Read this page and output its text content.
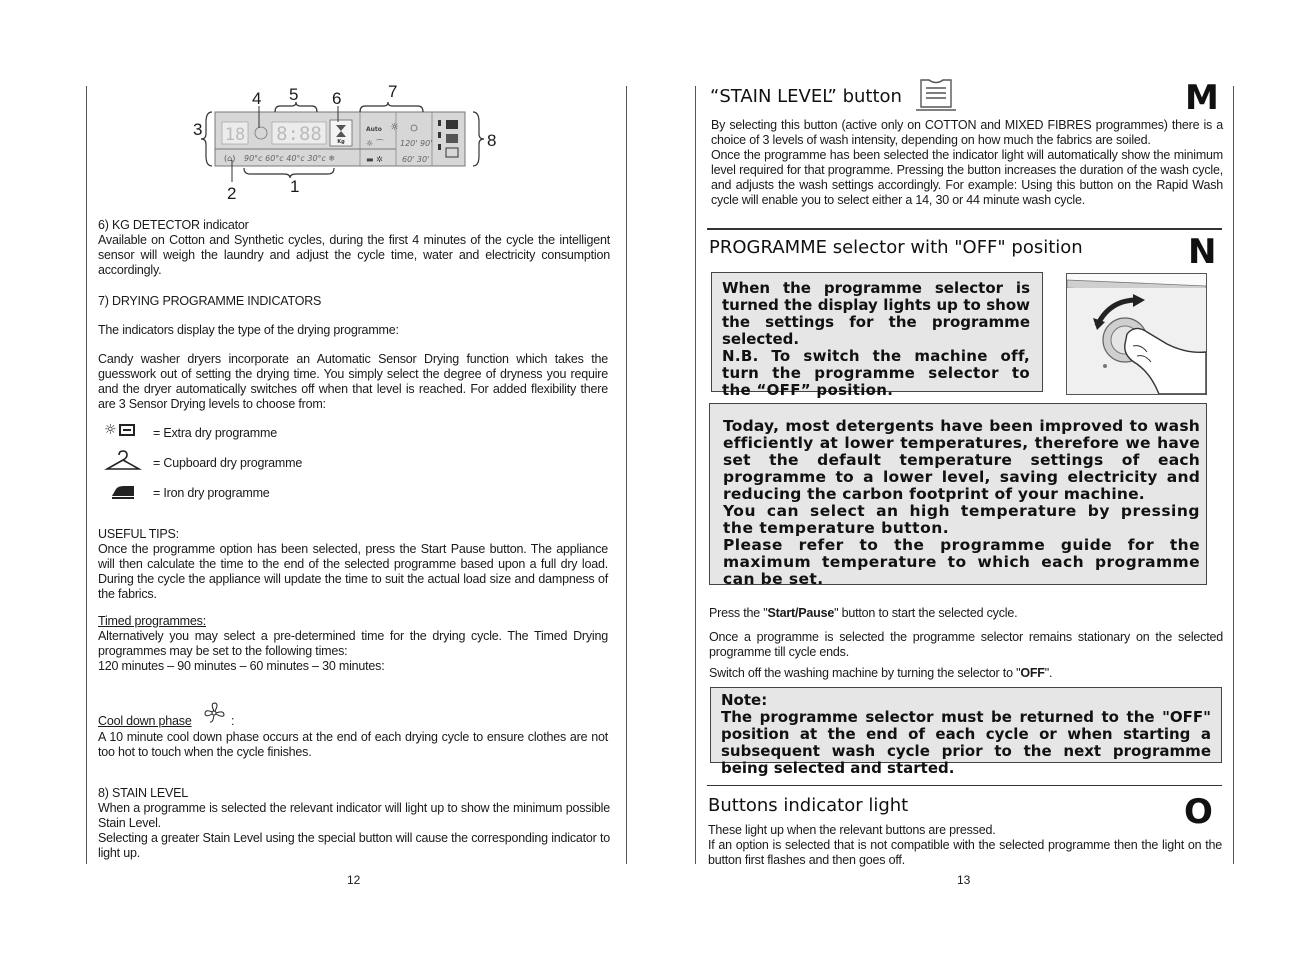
18 8:88	Kg
(⌂) 90°c 60°c 40°c 30°c ❄
Auto ☼
☼ ⌒
▬ ✲
120' 90'
60' 30'
1
2
3
4 5 6	7
8

6) KG DETECTOR indicator

Available on Cotton and Synthetic cycles, during the first 4 minutes of the cycle the intelligent sensor will weigh the laundry and adjust the cycle time, water and electricity consumption accordingly.

7) DRYING PROGRAMME INDICATORS
The indicators display the type of the drying programme:
Candy washer dryers incorporate an Automatic Sensor Drying function which takes the guesswork out of setting the drying time. You simply select the degree of dryness you require and the dryer automatically switches off when that level is reached. For added flexibility there are 3 Sensor Drying levels to choose from:
☼	= Extra dry programme
= Cupboard dry programme
= Iron dry programme

USEFUL TIPS:

Once the programme option has been selected, press the Start Pause button. The appliance will then calculate the time to the end of the selected programme based upon a full dry load. During the cycle the appliance will update the time to suit the actual load size and dampness of the fabrics.

Timed programmes:

Alternatively you may select a pre-determined time for the drying cycle. The Timed Drying programmes may be set to the following times:

120 minutes – 90 minutes – 60 minutes – 30 minutes:

Cool down phase	:
A 10 minute cool down phase occurs at the end of each drying cycle to ensure clothes are not too hot to touch when the cycle finishes.

8) STAIN LEVEL

When a programme is selected the relevant indicator will light up to show the minimum possible Stain Level.

Selecting a greater Stain Level using the special button will cause the corresponding indicator to light up.

12
“STAIN LEVEL” button	M

By selecting this button (active only on COTTON and MIXED FIBRES programmes) there is a choice of 3 levels of wash intensity, depending on how much the fabrics are soiled.

Once the programme has been selected the indicator light will automatically show the minimum level required for that programme. Pressing the button increases the duration of the wash cycle, and adjusts the wash settings accordingly. For example: Using this button on the Rapid Wash cycle will enable you to select either a 14, 30 or 44 minute wash cycle.

PROGRAMME selector with "OFF" position	N

When the programme selector is turned the display lights up to show the settings for the programme selected.

N.B. To switch the machine off, turn the programme selector to the “OFF” position.

Today, most detergents have been improved to wash efficiently at lower temperatures, therefore we have set the default temperature settings of each programme to a lower level, saving electricity and reducing the carbon footprint of your machine.

You can select an high temperature by pressing the temperature button.

Please refer to the programme guide for the maximum temperature to which each programme can be set.

Press the "Start/Pause" button to start the selected cycle.
Once a programme is selected the programme selector remains stationary on the selected programme till cycle ends.
Switch off the washing machine by turning the selector to "OFF".

Note:

The programme selector must be returned to the "OFF" position at the end of each cycle or when starting a subsequent wash cycle prior to the next programme being selected and started.

Buttons indicator light	O

These light up when the relevant buttons are pressed.

If an option is selected that is not compatible with the selected programme then the light on the button first flashes and then goes off.

13
